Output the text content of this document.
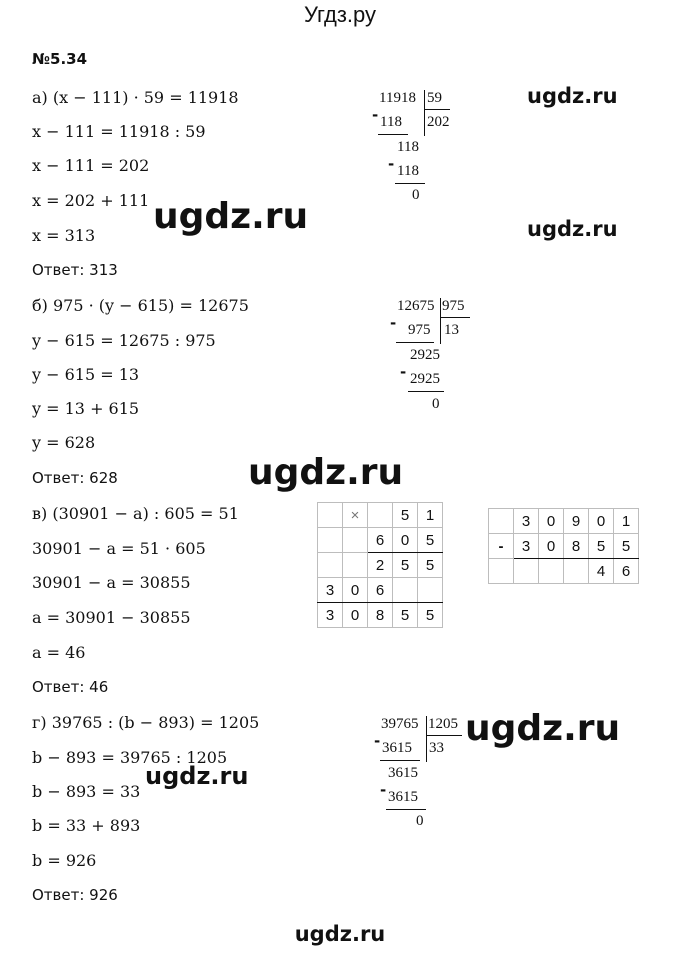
Угдз.ру
№5.34
а) (x − 111) · 59 = 11918
x − 111 = 11918 : 59
x − 111 = 202
x = 202 + 111
x = 313
Ответ: 313
б) 975 · (y − 615) = 12675
y − 615 = 12675 : 975
y − 615 = 13
y = 13 + 615
y = 628
Ответ: 628
в) (30901 − a) : 605 = 51
30901 − a = 51 · 605
30901 − a = 30855
a = 30901 − 30855
a = 46
Ответ: 46
г) 39765 : (b − 893) = 1205
b − 893 = 39765 : 1205
b − 893 = 33
b = 33 + 893
b = 926
Ответ: 926
11918 59
- 118 202
118
- 118
0
12675 975
- 975 13
2925
- 2925
0
	×		5	1
		6	0	5
		2	5	5
3	0	6		
3	0	8	5	5
	3	0	9	0	1
-	3	0	8	5	5
				4	6
39765 1205
- 3615 33
3615
- 3615
0
ugdz.ru
ugdz.ru	ugdz.ru
ugdz.ru
ugdz.ru
ugdz.ru
ugdz.ru
